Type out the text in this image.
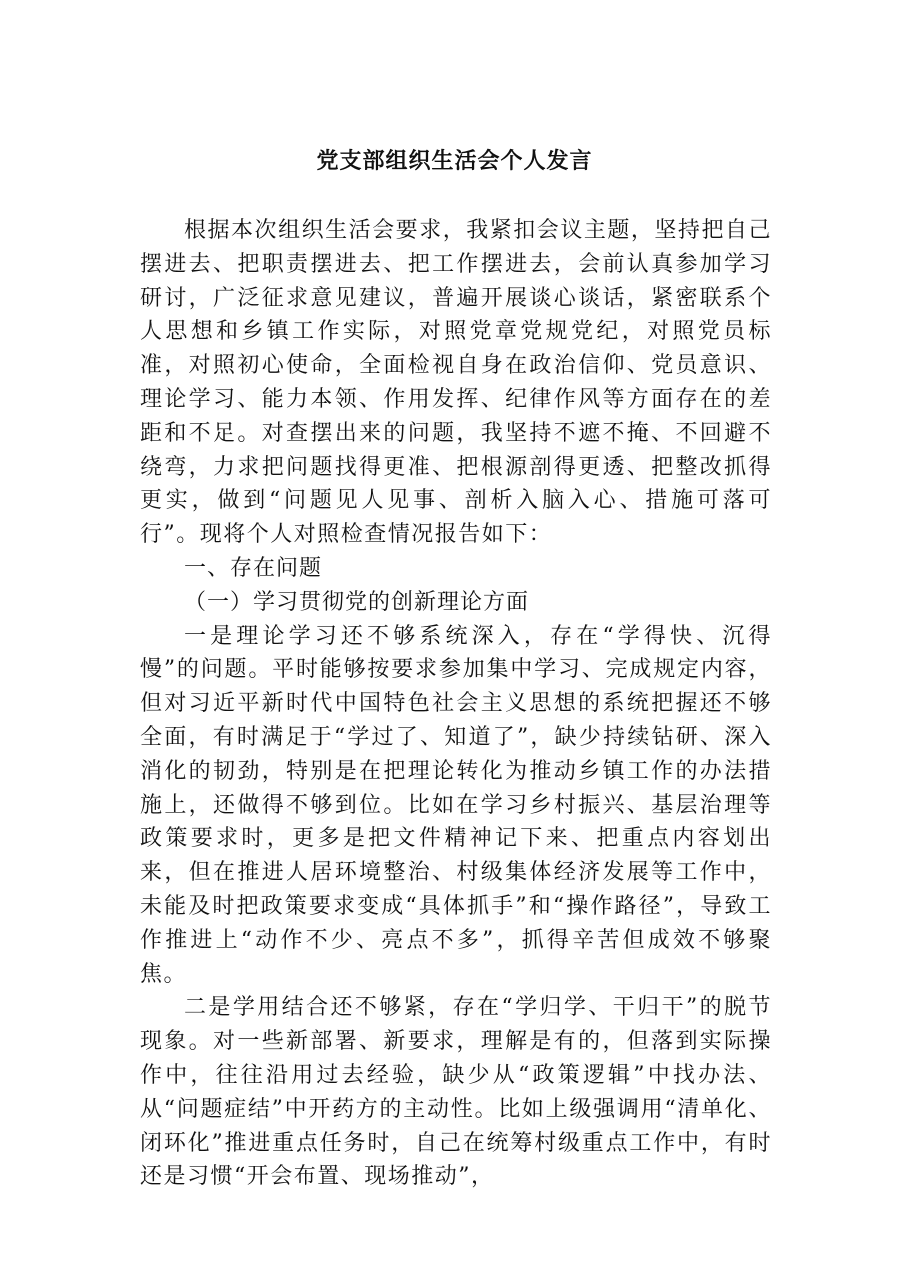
党支部组织生活会个人发言

根据本次组织生活会要求，我紧扣会议主题，坚持把自己摆进去、把职责摆进去、把工作摆进去，会前认真参加学习研讨，广泛征求意见建议，普遍开展谈心谈话，紧密联系个人思想和乡镇工作实际，对照党章党规党纪，对照党员标准，对照初心使命，全面检视自身在政治信仰、党员意识、理论学习、能力本领、作用发挥、纪律作风等方面存在的差距和不足。对查摆出来的问题，我坚持不遮不掩、不回避不绕弯，力求把问题找得更准、把根源剖得更透、把整改抓得更实，做到“问题见人见事、剖析入脑入心、措施可落可行”。现将个人对照检查情况报告如下：

一、存在问题

（一）学习贯彻党的创新理论方面

一是理论学习还不够系统深入，存在“学得快、沉得慢”的问题。平时能够按要求参加集中学习、完成规定内容，但对习近平新时代中国特色社会主义思想的系统把握还不够全面，有时满足于“学过了、知道了”，缺少持续钻研、深入消化的韧劲，特别是在把理论转化为推动乡镇工作的办法措施上，还做得不够到位。比如在学习乡村振兴、基层治理等政策要求时，更多是把文件精神记下来、把重点内容划出来，但在推进人居环境整治、村级集体经济发展等工作中，未能及时把政策要求变成“具体抓手”和“操作路径”，导致工作推进上“动作不少、亮点不多”，抓得辛苦但成效不够聚焦。

二是学用结合还不够紧，存在“学归学、干归干”的脱节现象。对一些新部署、新要求，理解是有的，但落到实际操作中，往往沿用过去经验，缺少从“政策逻辑”中找办法、从“问题症结”中开药方的主动性。比如上级强调用“清单化、闭环化”推进重点任务时，自己在统筹村级重点工作中，有时还是习惯“开会布置、现场推动”，
